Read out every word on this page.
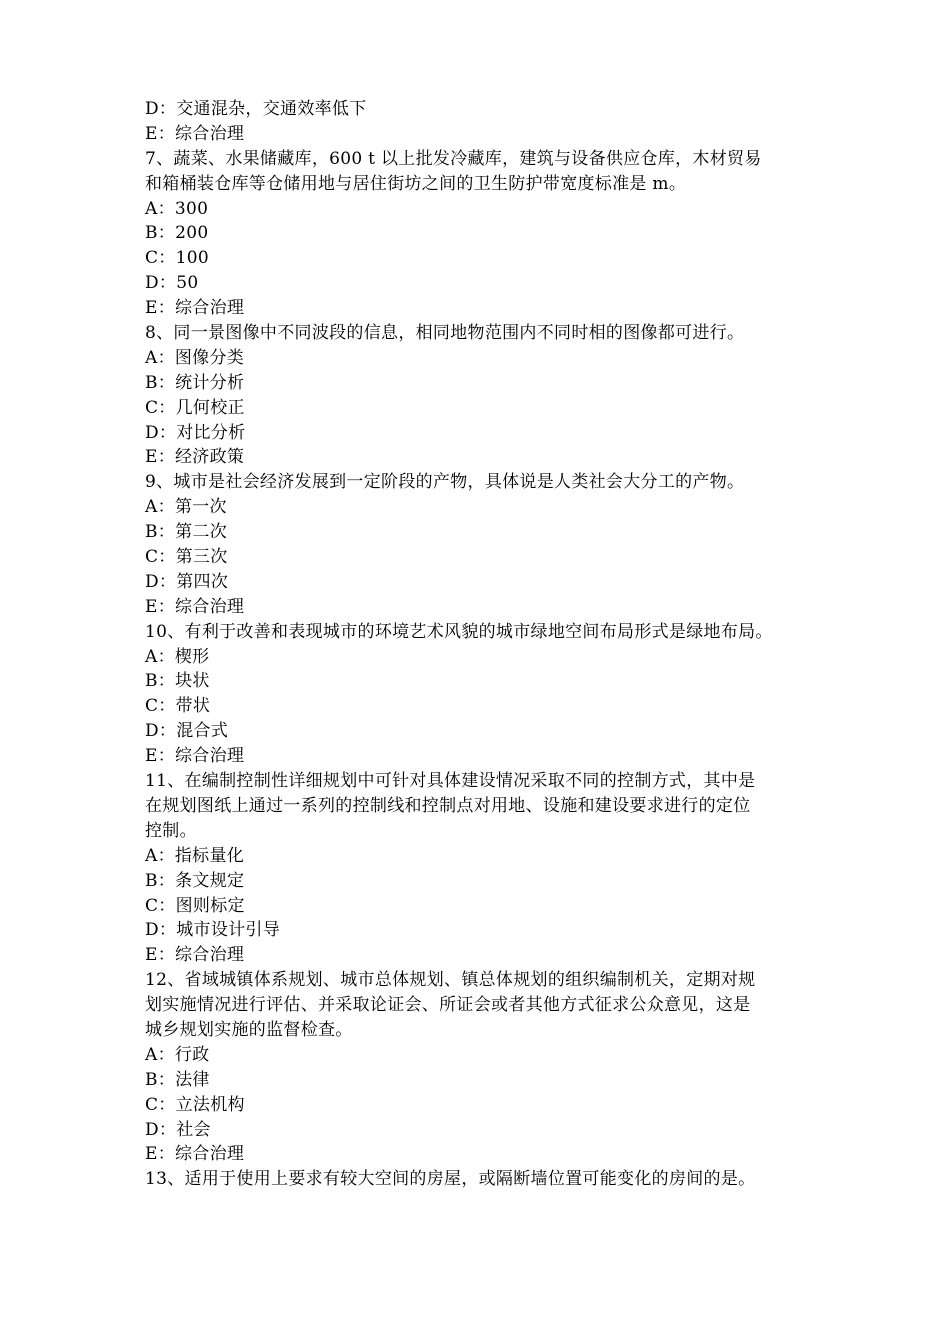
D：交通混杂，交通效率低下
E：综合治理
7、蔬菜、水果储藏库，600 t 以上批发冷藏库，建筑与设备供应仓库，木材贸易
和箱桶装仓库等仓储用地与居住街坊之间的卫生防护带宽度标准是 m。
A：300
B：200
C：100
D：50
E：综合治理
8、同一景图像中不同波段的信息，相同地物范围内不同时相的图像都可进行。
A：图像分类
B：统计分析
C：几何校正
D：对比分析
E：经济政策
9、城市是社会经济发展到一定阶段的产物，具体说是人类社会大分工的产物。
A：第一次
B：第二次
C：第三次
D：第四次
E：综合治理
10、有利于改善和表现城市的环境艺术风貌的城市绿地空间布局形式是绿地布局。
A：楔形
B：块状
C：带状
D：混合式
E：综合治理
11、在编制控制性详细规划中可针对具体建设情况采取不同的控制方式，其中是
在规划图纸上通过一系列的控制线和控制点对用地、设施和建设要求进行的定位
控制。
A：指标量化
B：条文规定
C：图则标定
D：城市设计引导
E：综合治理
12、省域城镇体系规划、城市总体规划、镇总体规划的组织编制机关，定期对规
划实施情况进行评估、并采取论证会、所证会或者其他方式征求公众意见，这是
城乡规划实施的监督检查。
A：行政
B：法律
C：立法机构
D：社会
E：综合治理
13、适用于使用上要求有较大空间的房屋，或隔断墙位置可能变化的房间的是。
